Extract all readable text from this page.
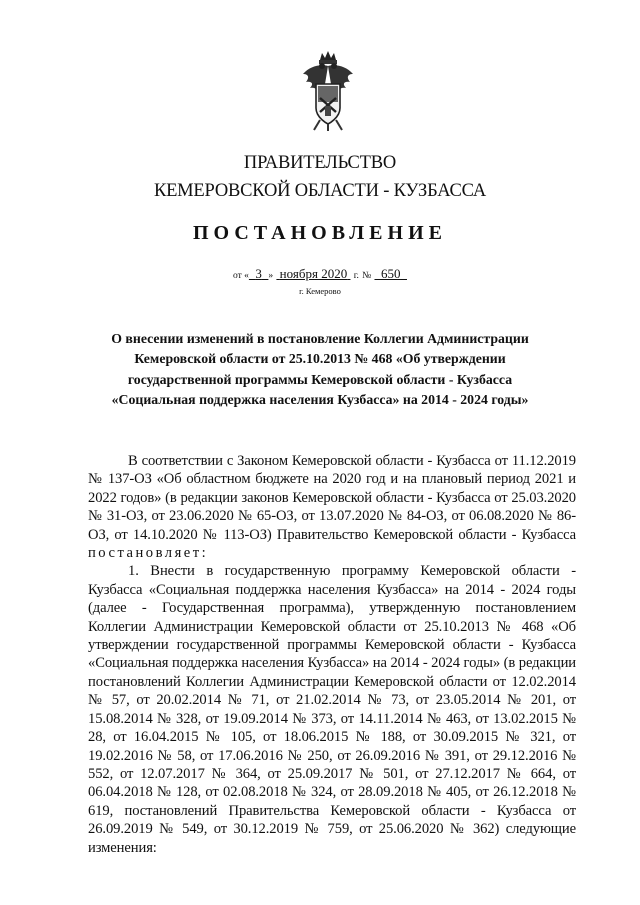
ПРАВИТЕЛЬСТВО
КЕМЕРОВСКОЙ ОБЛАСТИ - КУЗБАССА
ПОСТАНОВЛЕНИЕ
от « 3 » ноября 2020 г. № 650
г. Кемерово
О внесении изменений в постановление Коллегии Администрации Кемеровской области от 25.10.2013 № 468 «Об утверждении государственной программы Кемеровской области - Кузбасса «Социальная поддержка населения Кузбасса» на 2014 - 2024 годы»

В соответствии с Законом Кемеровской области - Кузбасса от 11.12.2019 № 137-ОЗ «Об областном бюджете на 2020 год и на плановый период 2021 и 2022 годов» (в редакции законов Кемеровской области - Кузбасса от 25.03.2020 № 31-ОЗ, от 23.06.2020 № 65-ОЗ, от 13.07.2020 № 84-ОЗ, от 06.08.2020 № 86-ОЗ, от 14.10.2020 № 113-ОЗ) Правительство Кемеровской области - Кузбасса постановляет:

1. Внести в государственную программу Кемеровской области - Кузбасса «Социальная поддержка населения Кузбасса» на 2014 - 2024 годы (далее - Государственная программа), утвержденную постановлением Коллегии Администрации Кемеровской области от 25.10.2013 № 468 «Об утверждении государственной программы Кемеровской области - Кузбасса «Социальная поддержка населения Кузбасса» на 2014 - 2024 годы» (в редакции постановлений Коллегии Администрации Кемеровской области от 12.02.2014 № 57, от 20.02.2014 № 71, от 21.02.2014 № 73, от 23.05.2014 № 201, от 15.08.2014 № 328, от 19.09.2014 № 373, от 14.11.2014 № 463, от 13.02.2015 № 28, от 16.04.2015 № 105, от 18.06.2015 № 188, от 30.09.2015 № 321, от 19.02.2016 № 58, от 17.06.2016 № 250, от 26.09.2016 № 391, от 29.12.2016 № 552, от 12.07.2017 № 364, от 25.09.2017 № 501, от 27.12.2017 № 664, от 06.04.2018 № 128, от 02.08.2018 № 324, от 28.09.2018 № 405, от 26.12.2018 № 619, постановлений Правительства Кемеровской области - Кузбасса от 26.09.2019 № 549, от 30.12.2019 № 759, от 25.06.2020 № 362) следующие изменения:
